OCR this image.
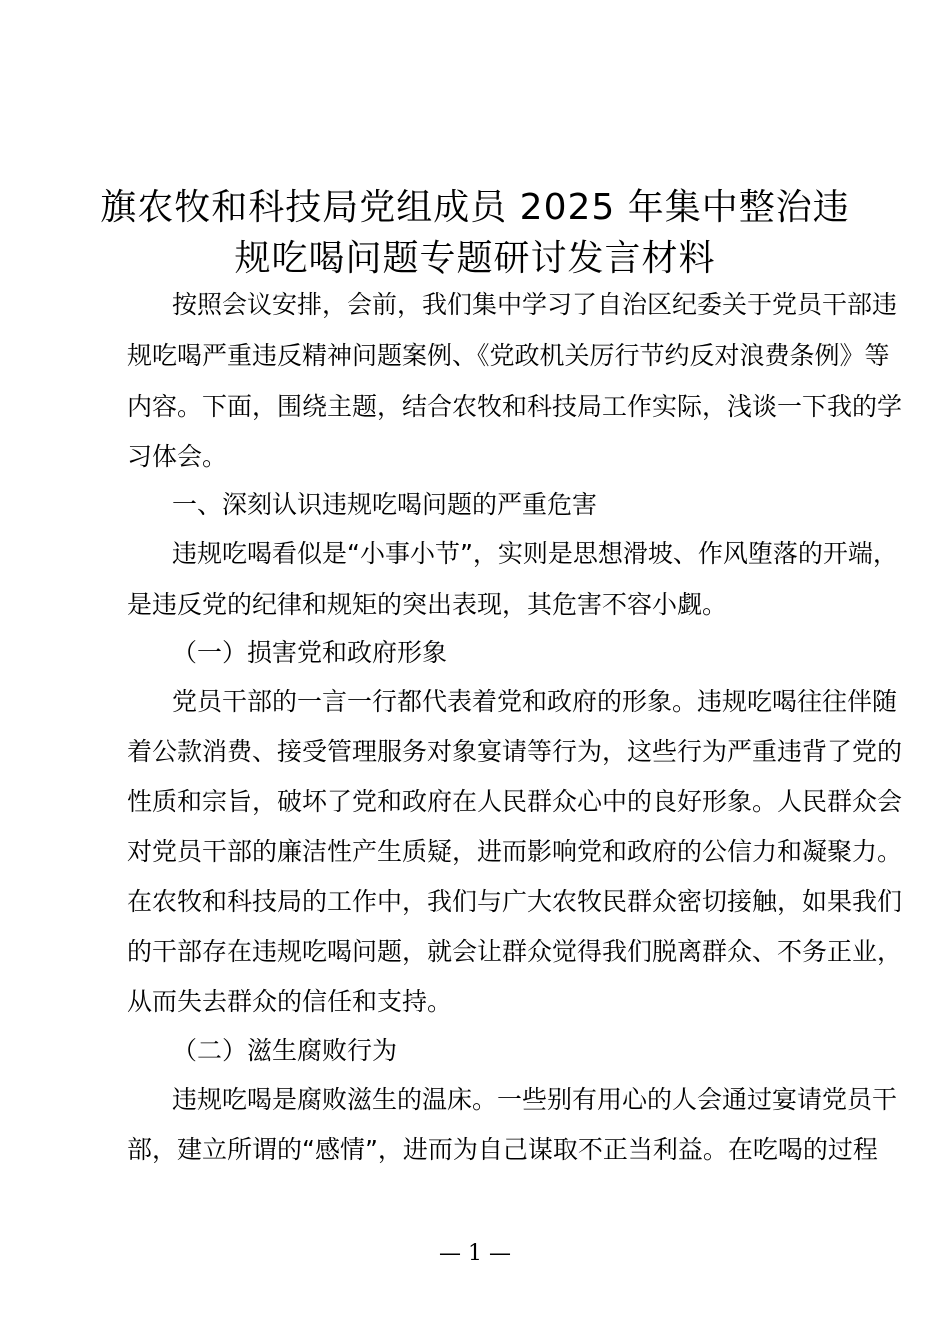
旗农牧和科技局党组成员 2025 年集中整治违
规吃喝问题专题研讨发言材料
按照会议安排，会前，我们集中学习了自治区纪委关于党员干部违
规吃喝严重违反精神问题案例、《党政机关厉行节约反对浪费条例》等
内容。下面，围绕主题，结合农牧和科技局工作实际，浅谈一下我的学
习体会。
一、深刻认识违规吃喝问题的严重危害
违规吃喝看似是“小事小节”，实则是思想滑坡、作风堕落的开端，
是违反党的纪律和规矩的突出表现，其危害不容小觑。
（一）损害党和政府形象
党员干部的一言一行都代表着党和政府的形象。违规吃喝往往伴随
着公款消费、接受管理服务对象宴请等行为，这些行为严重违背了党的
性质和宗旨，破坏了党和政府在人民群众心中的良好形象。人民群众会
对党员干部的廉洁性产生质疑，进而影响党和政府的公信力和凝聚力。
在农牧和科技局的工作中，我们与广大农牧民群众密切接触，如果我们
的干部存在违规吃喝问题，就会让群众觉得我们脱离群众、不务正业，
从而失去群众的信任和支持。
（二）滋生腐败行为
违规吃喝是腐败滋生的温床。一些别有用心的人会通过宴请党员干
部，建立所谓的“感情”，进而为自己谋取不正当利益。在吃喝的过程
— 1 —
